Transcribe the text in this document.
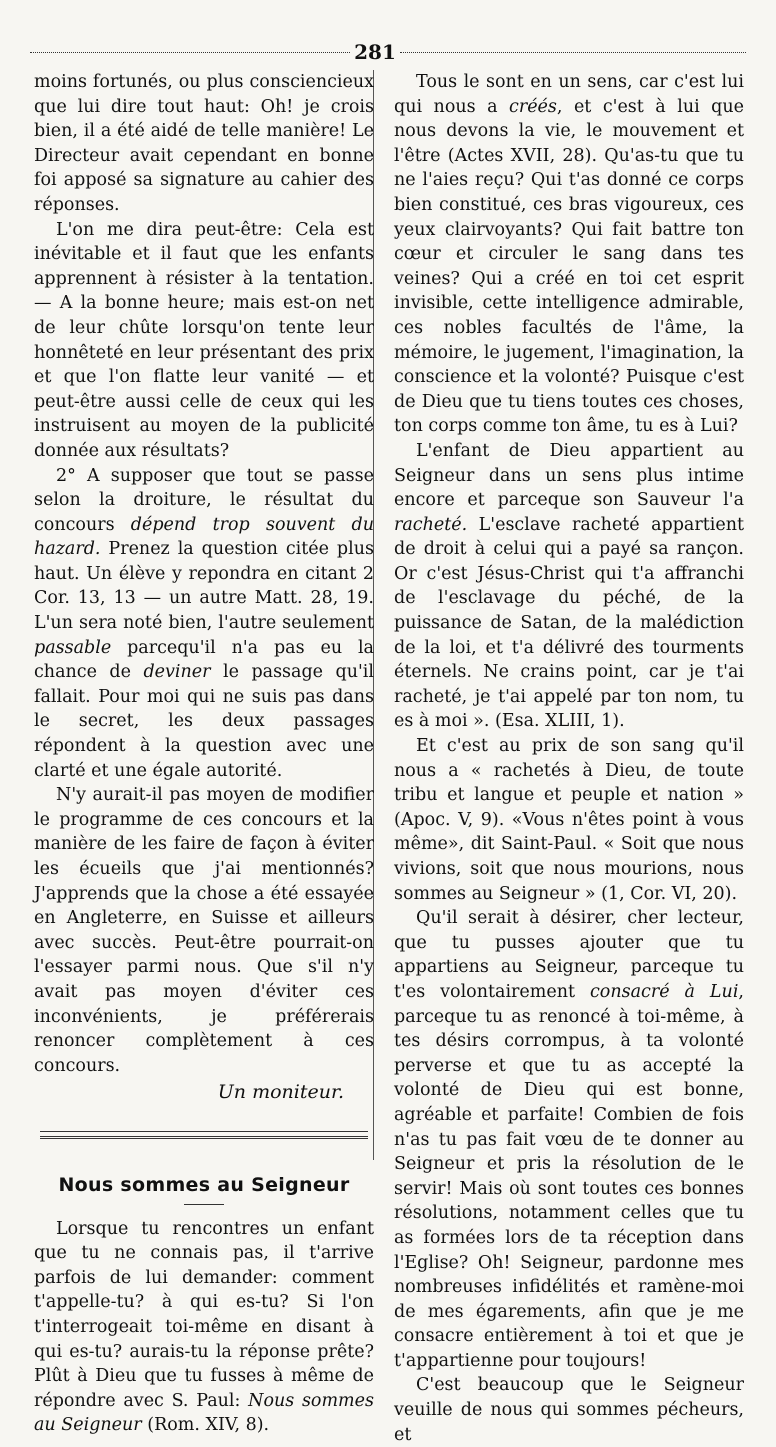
281

moins fortunés, ou plus consciencieux que lui dire tout haut: Oh! je crois bien, il a été aidé de telle manière! Le Directeur avait cependant en bonne foi apposé sa signature au cahier des réponses.

L'on me dira peut-être: Cela est inévitable et il faut que les enfants apprennent à résister à la tentation. — A la bonne heure; mais est-on net de leur chûte lorsqu'on tente leur honnêteté en leur présentant des prix et que l'on flatte leur vanité — et peut-être aussi celle de ceux qui les instruisent au moyen de la publicité donnée aux résultats?

2° A supposer que tout se passe selon la droiture, le résultat du concours dépend trop souvent du hazard. Prenez la question citée plus haut. Un élève y repondra en citant 2 Cor. 13, 13 — un autre Matt. 28, 19. L'un sera noté bien, l'autre seulement passable parcequ'il n'a pas eu la chance de deviner le passage qu'il fallait. Pour moi qui ne suis pas dans le secret, les deux passages répondent à la question avec une clarté et une égale autorité.

N'y aurait-il pas moyen de modifier le programme de ces concours et la manière de les faire de façon à éviter les écueils que j'ai mentionnés? J'apprends que la chose a été essayée en Angleterre, en Suisse et ailleurs avec succès. Peut-être pourrait-on l'essayer parmi nous. Que s'il n'y avait pas moyen d'éviter ces inconvénients, je préférerais renoncer complètement à ces concours.

Un moniteur.
Nous sommes au Seigneur

Lorsque tu rencontres un enfant que tu ne connais pas, il t'arrive parfois de lui demander: comment t'appelle-tu? à qui es-tu? Si l'on t'interrogeait toi-même en disant à qui es-tu? aurais-tu la réponse prête? Plût à Dieu que tu fusses à même de répondre avec S. Paul: Nous sommes au Seigneur (Rom. XIV, 8).

Tous le sont en un sens, car c'est lui qui nous a créés, et c'est à lui que nous devons la vie, le mouvement et l'être (Actes XVII, 28). Qu'as-tu que tu ne l'aies reçu? Qui t'as donné ce corps bien constitué, ces bras vigoureux, ces yeux clairvoyants? Qui fait battre ton cœur et circuler le sang dans tes veines? Qui a créé en toi cet esprit invisible, cette intelligence admirable, ces nobles facultés de l'âme, la mémoire, le jugement, l'imagination, la conscience et la volonté? Puisque c'est de Dieu que tu tiens toutes ces choses, ton corps comme ton âme, tu es à Lui?

L'enfant de Dieu appartient au Seigneur dans un sens plus intime encore et parceque son Sauveur l'a racheté. L'esclave racheté appartient de droit à celui qui a payé sa rançon. Or c'est Jésus-Christ qui t'a affranchi de l'esclavage du péché, de la puissance de Satan, de la malédiction de la loi, et t'a délivré des tourments éternels. Ne crains point, car je t'ai racheté, je t'ai appelé par ton nom, tu es à moi ». (Esa. XLIII, 1).

Et c'est au prix de son sang qu'il nous a « rachetés à Dieu, de toute tribu et langue et peuple et nation » (Apoc. V, 9). «Vous n'êtes point à vous même», dit Saint-Paul. « Soit que nous vivions, soit que nous mourions, nous sommes au Seigneur » (1, Cor. VI, 20).

Qu'il serait à désirer, cher lecteur, que tu pusses ajouter que tu appartiens au Seigneur, parceque tu t'es volontairement consacré à Lui, parceque tu as renoncé à toi-même, à tes désirs corrompus, à ta volonté perverse et que tu as accepté la volonté de Dieu qui est bonne, agréable et parfaite! Combien de fois n'as tu pas fait vœu de te donner au Seigneur et pris la résolution de le servir! Mais où sont toutes ces bonnes résolutions, notamment celles que tu as formées lors de ta réception dans l'Eglise? Oh! Seigneur, pardonne mes nombreuses infidélités et ramène-moi de mes égarements, afin que je me consacre entièrement à toi et que je t'appartienne pour toujours!

C'est beaucoup que le Seigneur veuille de nous qui sommes pécheurs, et
